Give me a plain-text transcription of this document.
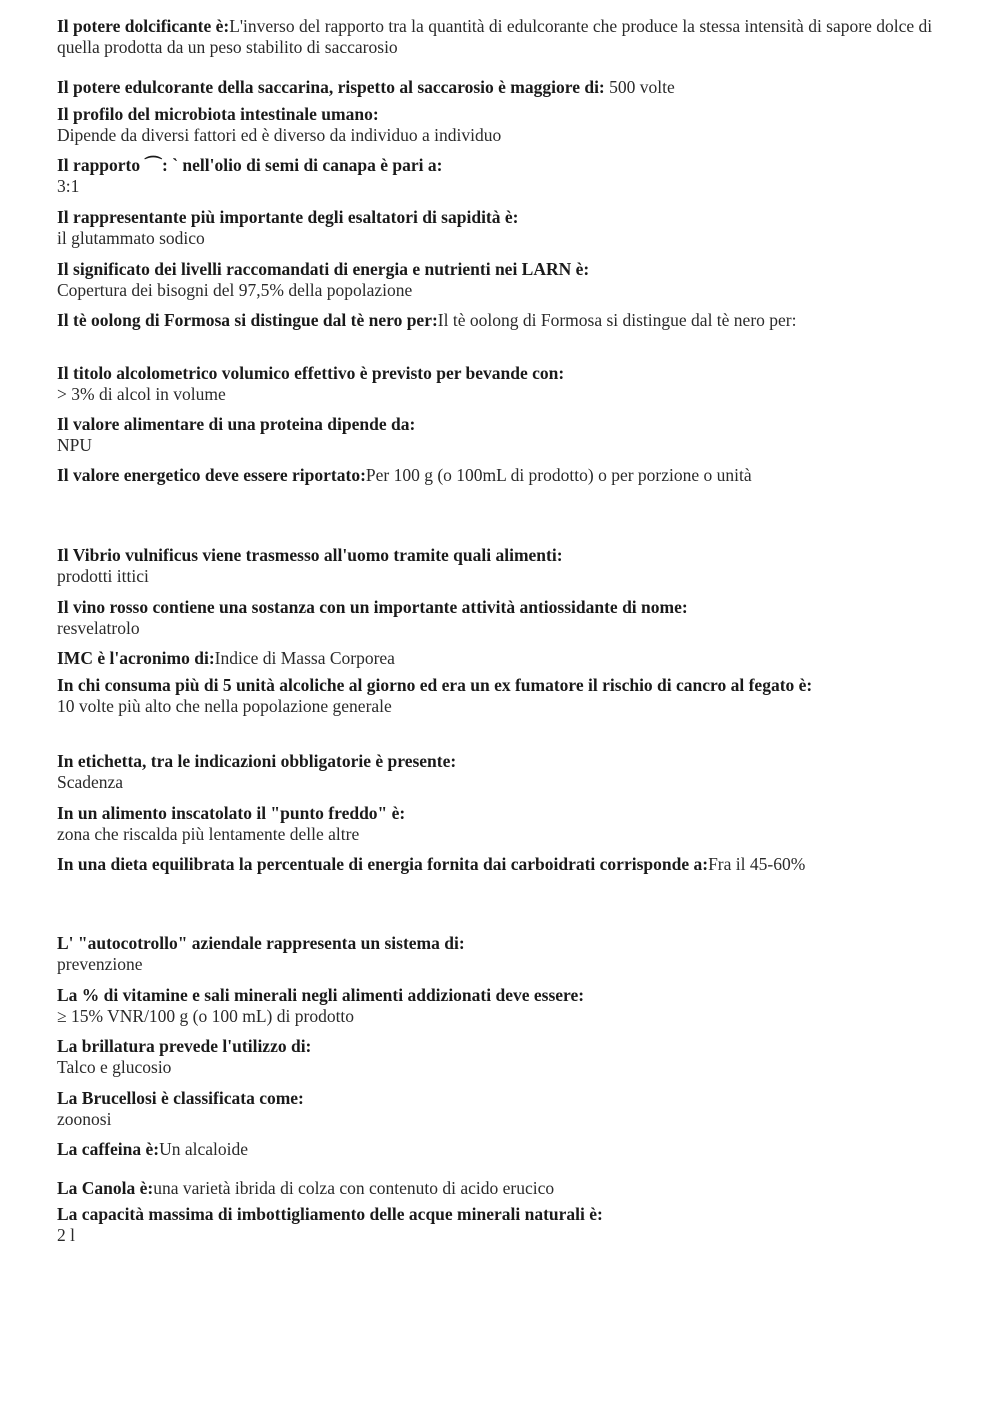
Il potere dolcificante è:L'inverso del rapporto tra la quantità di edulcorante che produce la stessa intensità di sapore dolce di quella prodotta da un peso stabilito di saccarosio

Il potere edulcorante della saccarina, rispetto al saccarosio è maggiore di: 500 volte

Il profilo del microbiota intestinale umano:
Dipende da diversi fattori ed è diverso da individuo a individuo

Il rapporto ⌒: ˋ nell'olio di semi di canapa è pari a:
3:1

Il rappresentante più importante degli esaltatori di sapidità è:
il glutammato sodico

Il significato dei livelli raccomandati di energia e nutrienti nei LARN è:
Copertura dei bisogni del 97,5% della popolazione

Il tè oolong di Formosa si distingue dal tè nero per:Il tè oolong di Formosa si distingue dal tè nero per:

Il titolo alcolometrico volumico effettivo è previsto per bevande con:
> 3% di alcol in volume

Il valore alimentare di una proteina dipende da:
NPU

Il valore energetico deve essere riportato:Per 100 g (o 100mL di prodotto) o per porzione o unità

Il Vibrio vulnificus viene trasmesso all'uomo tramite quali alimenti:
prodotti ittici

Il vino rosso contiene una sostanza con un importante attività antiossidante di nome:
resvelatrolo

IMC è l'acronimo di:Indice di Massa Corporea

In chi consuma più di 5 unità alcoliche al giorno ed era un ex fumatore il rischio di cancro al fegato è:
10 volte più alto che nella popolazione generale

In etichetta, tra le indicazioni obbligatorie è presente:
Scadenza

In un alimento inscatolato il "punto freddo" è:
zona che riscalda più lentamente delle altre

In una dieta equilibrata la percentuale di energia fornita dai carboidrati corrisponde a:Fra il 45-60%

L' "autocotrollo" aziendale rappresenta un sistema di:
prevenzione

La % di vitamine e sali minerali negli alimenti addizionati deve essere:
≥ 15% VNR/100 g (o 100 mL) di prodotto

La brillatura prevede l'utilizzo di:
Talco e glucosio

La Brucellosi è classificata come:
zoonosi

La caffeina è:Un alcaloide

La Canola è:una varietà ibrida di colza con contenuto di acido erucico

La capacità massima di imbottigliamento delle acque minerali naturali è:
2 l
